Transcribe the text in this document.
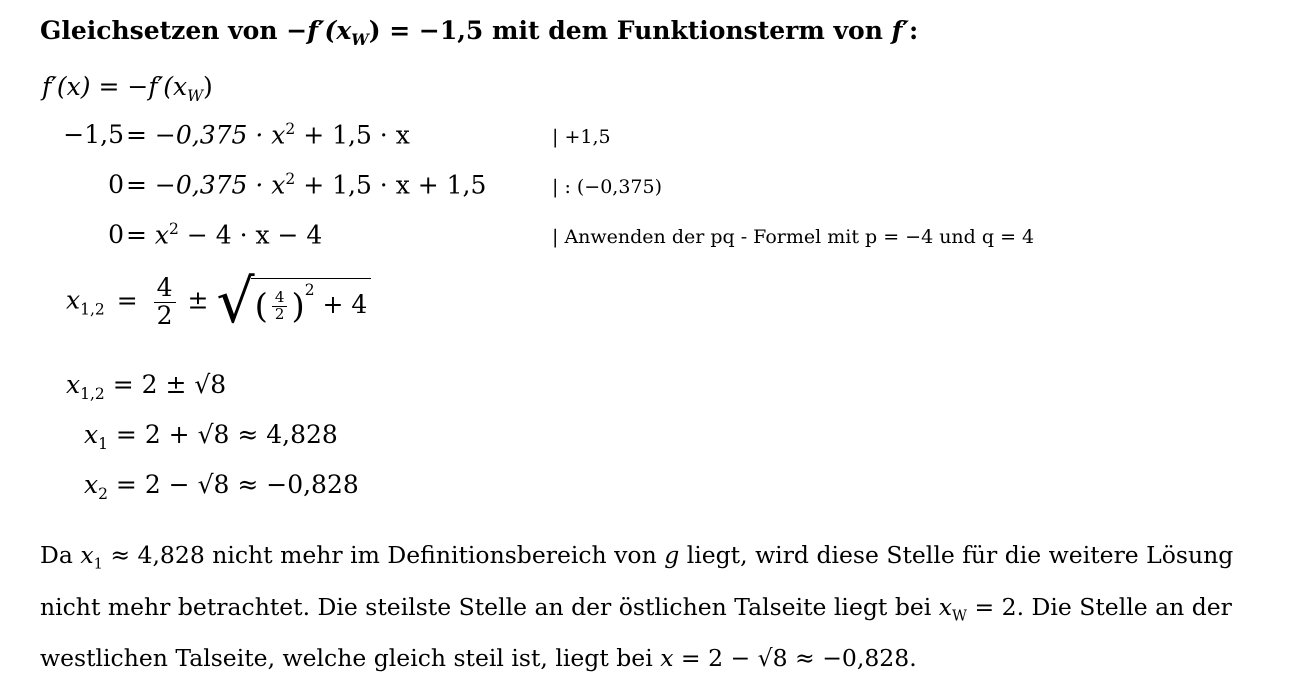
Gleichsetzen von $-f'(x_W) = -1,5$ mit dem Funktionsterm von f′:
$f'(x) = -f'(x_W)$
$-1,5 = -0,375 \cdot x^2 + 1,5 \cdot x$	| +1,5
$0 = -0,375 \cdot x^2 + 1,5 \cdot x + 1,5$	| : (−0,375)
$0 = x^2 - 4 \cdot x - 4$	| Anwenden der pq - Formel mit p = −4 und q = 4
$x_{1,2} = \frac{4}{2}$ ± √( $\frac{4}{2} )^2 + 4$
$x_{1,2} = 2 \pm √8$
$x_1 = 2 + √8 \approx 4,828$
$x_2 = 2 - √8 \approx -0,828$
Da $x_1 \approx 4,828$ nicht mehr im Definitionsbereich von g liegt, wird diese Stelle für die weitere Lösung nicht mehr betrachtet. Die steilste Stelle an der östlichen Talseite liegt bei $x_W = 2$. Die Stelle an der westlichen Talseite, welche gleich steil ist, liegt bei x = 2 − √8 ≈ −0,828.
